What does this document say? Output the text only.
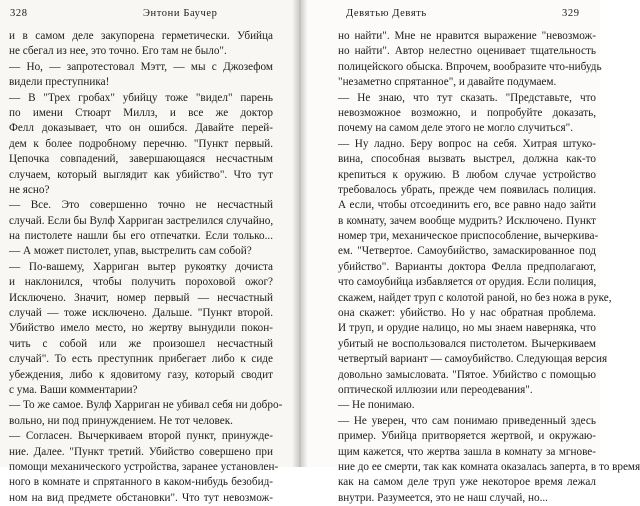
328	Энтони Баучер
и в самом деле закупорена герметически. Убийца
не сбегал из нее, это точно. Его там не было".
— Но, — запротестовал Мэтт, — мы с Джозефом
видели преступника!
— В "Трех гробах" убийцу тоже "видел" парень
по имени Стюарт Миллз, и все же доктор
Фелл доказывает, что он ошибся. Давайте перей-
дем к более подробному перечню. "Пункт первый.
Цепочка совпадений, завершающаяся несчастным
случаем, который выглядит как убийство". Что тут
не ясно?
— Все. Это совершенно точно не несчастный
случай. Если бы Вулф Харриган застрелился случайно,
на пистолете нашли бы его отпечатки. Если только...
— А может пистолет, упав, выстрелить сам собой?
— По-вашему, Харриган вытер рукоятку дочиста
и наклонился, чтобы получить пороховой ожог?
Исключено. Значит, номер первый — несчастный
случай — тоже исключено. Дальше. "Пункт второй.
Убийство имело место, но жертву вынудили покон-
чить с собой или же произошел несчастный
случай". То есть преступник прибегает либо к сиде
убеждения, либо к ядовитому газу, который сводит
с ума. Ваши комментарии?
— То же самое. Вулф Харриган не убивал себя ни добро-
вольно, ни под принуждением. Не тот человек.
— Согласен. Вычеркиваем второй пункт, принужде-
ние. Далее. "Пункт третий. Убийство совершено при
помощи механического устройства, заранее установлен-
ного в комнате и спрятанного в каком-нибудь безобид-
ном на вид предмете обстановки". Что тут невозмож-
Девятью Девять	329
но найти". Мне не нравится выражение "невозмож-
но найти". Автор нелестно оценивает тщательность
полицейского обыска. Впрочем, вообразите что-нибудь
"незаметно спрятанное", и давайте подумаем.
— Не знаю, что тут сказать. "Представьте, что
невозможное возможно, и попробуйте доказать,
почему на самом деле этого не могло случиться".
— Ну ладно. Беру вопрос на себя. Хитрая штуко-
вина, способная вызвать выстрел, должна как-то
крепиться к оружию. В любом случае устройство
требовалось убрать, прежде чем появилась полиция.
А если, чтобы отсоединить его, все равно надо зайти
в комнату, зачем вообще мудрить? Исключено. Пункт
номер три, механическое приспособление, вычеркива-
ем. "Четвертое. Самоубийство, замаскированное под
убийство". Варианты доктора Фелла предполагают,
что самоубийца избавляется от орудия. Если полиция,
скажем, найдет труп с колотой раной, но без ножа в руке,
она скажет: убийство. Но у нас обратная проблема.
И труп, и орудие налицо, но мы знаем наверняка, что
убитый не воспользовался пистолетом. Вычеркиваем
четвертый вариант — самоубийство. Следующая версия
довольно замысловата. "Пятое. Убийство с помощью
оптической иллюзии или переодевания".
— Не понимаю.
— Не уверен, что сам понимаю приведенный здесь
пример. Убийца притворяется жертвой, и окружаю-
щим кажется, что жертва зашла в комнату за мгнове-
ние до ее смерти, так как комната оказалась заперта, в то время
как на самом деле труп уже некоторое время лежал
внутри. Разумеется, это не наш случай, но...
